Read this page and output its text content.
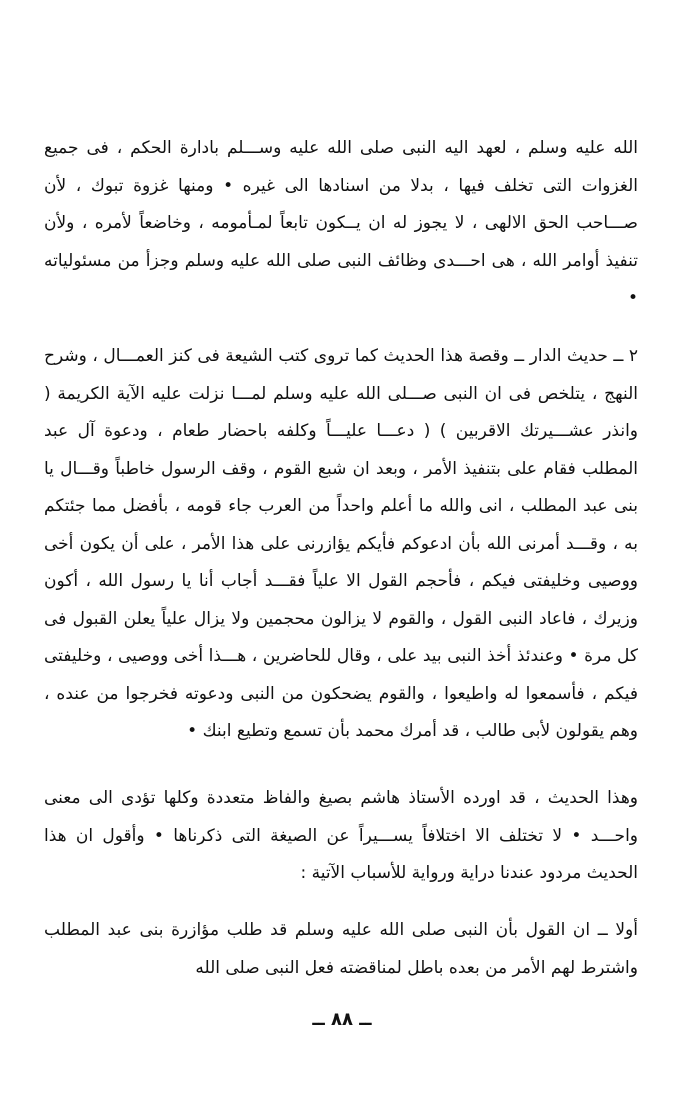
الله عليه وسلم ، لعهد اليه النبى صلى الله عليه وســـلم بادارة الحكم ، فى جميع الغزوات التى تخلف فيها ، بدلا من اسنادها الى غيره • ومنها غزوة تبوك ، لأن صـــاحب الحق الالهى ، لا يجوز له ان يــكون تابعاً لمـأمومه ، وخاضعاً لأمره ، ولأن تنفيذ أوامر الله ، هى احـــدى وظائف النبى صلى الله عليه وسلم وجزأ من مسئولياته •

٢ ــ حديث الدار ــ وقصة هذا الحديث كما تروى كتب الشيعة فى كنز العمـــال ، وشرح النهج ، يتلخص فى ان النبى صـــلى الله عليه وسلم لمـــا نزلت عليه الآية الكريمة ( وانذر عشـــيرتك الاقربين ) ( دعـــا عليـــاً وكلفه باحضار طعام ، ودعوة آل عبد المطلب فقام على بتنفيذ الأمر ، وبعد ان شبع القوم ، وقف الرسول خاطباً وقـــال يا بنى عبد المطلب ، انى والله ما أعلم واحداً من العرب جاء قومه ، بأفضل مما جئتكم به ، وقـــد أمرنى الله بأن ادعوكم فأيكم يؤازرنى على هذا الأمر ، على أن يكون أخى ووصيى وخليفتى فيكم ، فأحجم القول الا علياً فقـــد أجاب أنا يا رسول الله ، أكون وزيرك ، فاعاد النبى القول ، والقوم لا يزالون محجمين ولا يزال علياً يعلن القبول فى كل مرة • وعندئذ أخذ النبى بيد على ، وقال للحاضرين ، هـــذا أخى ووصيى ، وخليفتى فيكم ، فأسمعوا له واطيعوا ، والقوم يضحكون من النبى ودعوته فخرجوا من عنده ، وهم يقولون لأبى طالب ، قد أمرك محمد بأن تسمع وتطيع ابنك •

وهذا الحديث ، قد اورده الأستاذ هاشم بصيغ والفاظ متعددة وكلها تؤدى الى معنى واحـــد • لا تختلف الا اختلافاً يســـيراً عن الصيغة التى ذكرناها • وأقول ان هذا الحديث مردود عندنا دراية ورواية للأسباب الآتية :

أولا ــ ان القول بأن النبى صلى الله عليه وسلم قد طلب مؤازرة بنى عبد المطلب واشترط لهم الأمر من بعده باطل لمناقضته فعل النبى صلى الله

ــ ٨٨ ــ
